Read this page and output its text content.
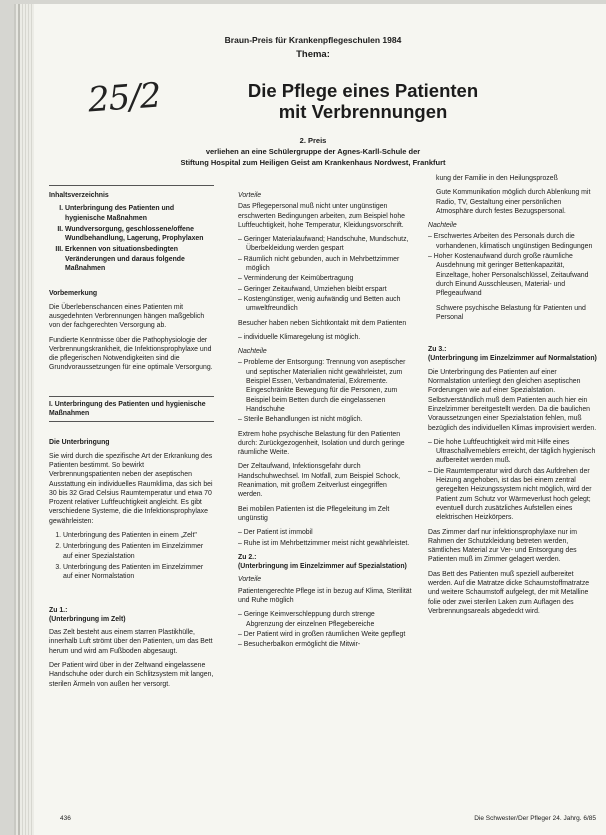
Braun-Preis für Krankenpflegeschulen 1984
Thema:
25/2	Die Pflege eines Patienten
mit Verbrennungen
2. Preis
verliehen an eine Schülergruppe der Agnes-Karll-Schule der
Stiftung Hospital zum Heiligen Geist am Krankenhaus Nordwest, Frankfurt
Inhaltsverzeichnis
I. Unterbringung des Patienten und hygienische Maßnahmen
II. Wundversorgung, geschlossene/offene Wundbehandlung, Lagerung, Prophylaxen
III. Erkennen von situationsbedingten Veränderungen und daraus folgende Maßnahmen
Vorbemerkung

Die Überlebenschancen eines Patienten mit ausgedehnten Verbrennungen hängen maßgeblich von der fachgerechten Versorgung ab.

Fundierte Kenntnisse über die Pathophysiologie der Verbrennungskrankheit, die Infektionsprophylaxe und die pflegerischen Notwendigkeiten sind die Grundvoraussetzungen für eine optimale Versorgung.

I. Unterbringung des Patienten und hygienische Maßnahmen
Die Unterbringung

Sie wird durch die spezifische Art der Erkrankung des Patienten bestimmt. So bewirkt Verbrennungspatienten neben der aseptischen Ausstattung ein individuelles Raumklima, das sich bei 30 bis 32 Grad Celsius Raumtemperatur und etwa 70 Prozent relativer Luftfeuchtigkeit angleicht. Es gibt verschiedene Systeme, die die Infektionsprophylaxe gewährleisten:

1. Unterbringung des Patienten in einem „Zelt"
2. Unterbringung des Patienten im Einzelzimmer auf einer Spezialstation
3. Unterbringung des Patienten im Einzelzimmer auf einer Normalstation
Zu 1.:
(Unterbringung im Zelt)

Das Zelt besteht aus einem starren Plastikhülle, innerhalb Luft strömt über den Patienten, um das Bett herum und wird am Fußboden abgesaugt.

Der Patient wird über in der Zeltwand eingelassene Handschuhe oder durch ein Schlitzsystem mit langen, sterilen Ärmeln von außen her versorgt.

Vorteile

Das Pflegepersonal muß nicht unter ungünstigen erschwerten Bedingungen arbeiten, zum Beispiel hohe Luftfeuchtigkeit, hohe Temperatur, Kleidungsvorschrift.

– Geringer Materialaufwand; Handschuhe, Mundschutz, Überbekleidung werden gespart
– Räumlich nicht gebunden, auch in Mehrbettzimmer möglich
– Verminderung der Keimübertragung
– Geringer Zeitaufwand, Umziehen bleibt erspart
– Kostengünstiger, wenig aufwändig und Betten auch umweltfreundlich

Besucher haben neben Sichtkontakt mit dem Patienten

– individuelle Klimaregelung ist möglich.
Nachteile
– Probleme der Entsorgung: Trennung von aseptischer und septischer Materialien nicht gewährleistet, zum Beispiel Essen, Verbandmaterial, Exkremente. Eingeschränkte Bewegung für die Personen, zum Beispiel beim Betten durch die eingelassenen Handschuhe
– Sterile Behandlungen ist nicht möglich.

Extrem hohe psychische Belastung für den Patienten durch: Zurückgezogenheit, Isolation und durch geringe räumliche Weite.

Der Zeltaufwand, Infektionsgefahr durch Handschuhwechsel. Im Notfall, zum Beispiel Schock, Reanimation, mit großem Zeitverlust eingegriffen werden.

Bei mobilen Patienten ist die Pflegeleitung im Zelt ungünstig

– Der Patient ist immobil
– Ruhe ist im Mehrbettzimmer meist nicht gewährleistet.
Zu 2.:
(Unterbringung im Einzelzimmer auf Spezialstation)
Vorteile

Patientengerechte Pflege ist in bezug auf Klima, Sterilität und Ruhe möglich

– Geringe Keimverschleppung durch strenge Abgrenzung der einzelnen Pflegebereiche
– Der Patient wird in großen räumlichen Weite gepflegt
– Besucherbalkon ermöglicht die Mitwir-

kung der Familie in den Heilungsprozeß

Gute Kommunikation möglich durch Ablenkung mit Radio, TV, Gestaltung einer persönlichen Atmosphäre durch festes Bezugspersonal.

Nachteile
– Erschwertes Arbeiten des Personals durch die vorhandenen, klimatisch ungünstigen Bedingungen
– Hoher Kostenaufwand durch große räumliche Ausdehnung mit geringer Bettenkapazität, Einzeltage, hoher Personalschlüssel, Zeitaufwand durch Einund Ausschleusen, Material- und Pflegeaufwand

Schwere psychische Belastung für Patienten und Personal

Zu 3.:
(Unterbringung im Einzelzimmer auf Normalstation)

Die Unterbringung des Patienten auf einer Normalstation unterliegt den gleichen aseptischen Forderungen wie auf einer Spezialstation. Selbstverständlich muß dem Patienten auch hier ein Einzelzimmer bereitgestellt werden. Da die baulichen Voraussetzungen einer Spezialstation fehlen, muß bezüglich des individuellen Klimas improvisiert werden.

– Die hohe Luftfeuchtigkeit wird mit Hilfe eines Ultraschallverneblers erreicht, der täglich hygienisch aufbereitet werden muß.
– Die Raumtemperatur wird durch das Aufdrehen der Heizung angehoben, ist das bei einem zentral geregelten Heizungssystem nicht möglich, wird der Patient zum Schutz vor Wärmeverlust hoch gelegt; eventuell durch zusätzliches Aufstellen eines elektrischen Heizkörpers.

Das Zimmer darf nur infektionsprophylaxe nur im Rahmen der Schutzkleidung betreten werden, sämtliches Material zur Ver- und Entsorgung des Patienten muß im Zimmer gelagert werden.

Das Bett des Patienten muß speziell aufbereitet werden. Auf die Matratze dicke Schaumstoffmatratze und weitere Schaumstoff aufgelegt, der mit Metalline folie oder zwei sterilen Laken zum Auflagen des Verbrennungsareals abgedeckt wird.

436	Die Schwester/Der Pfleger 24. Jahrg. 6/85
